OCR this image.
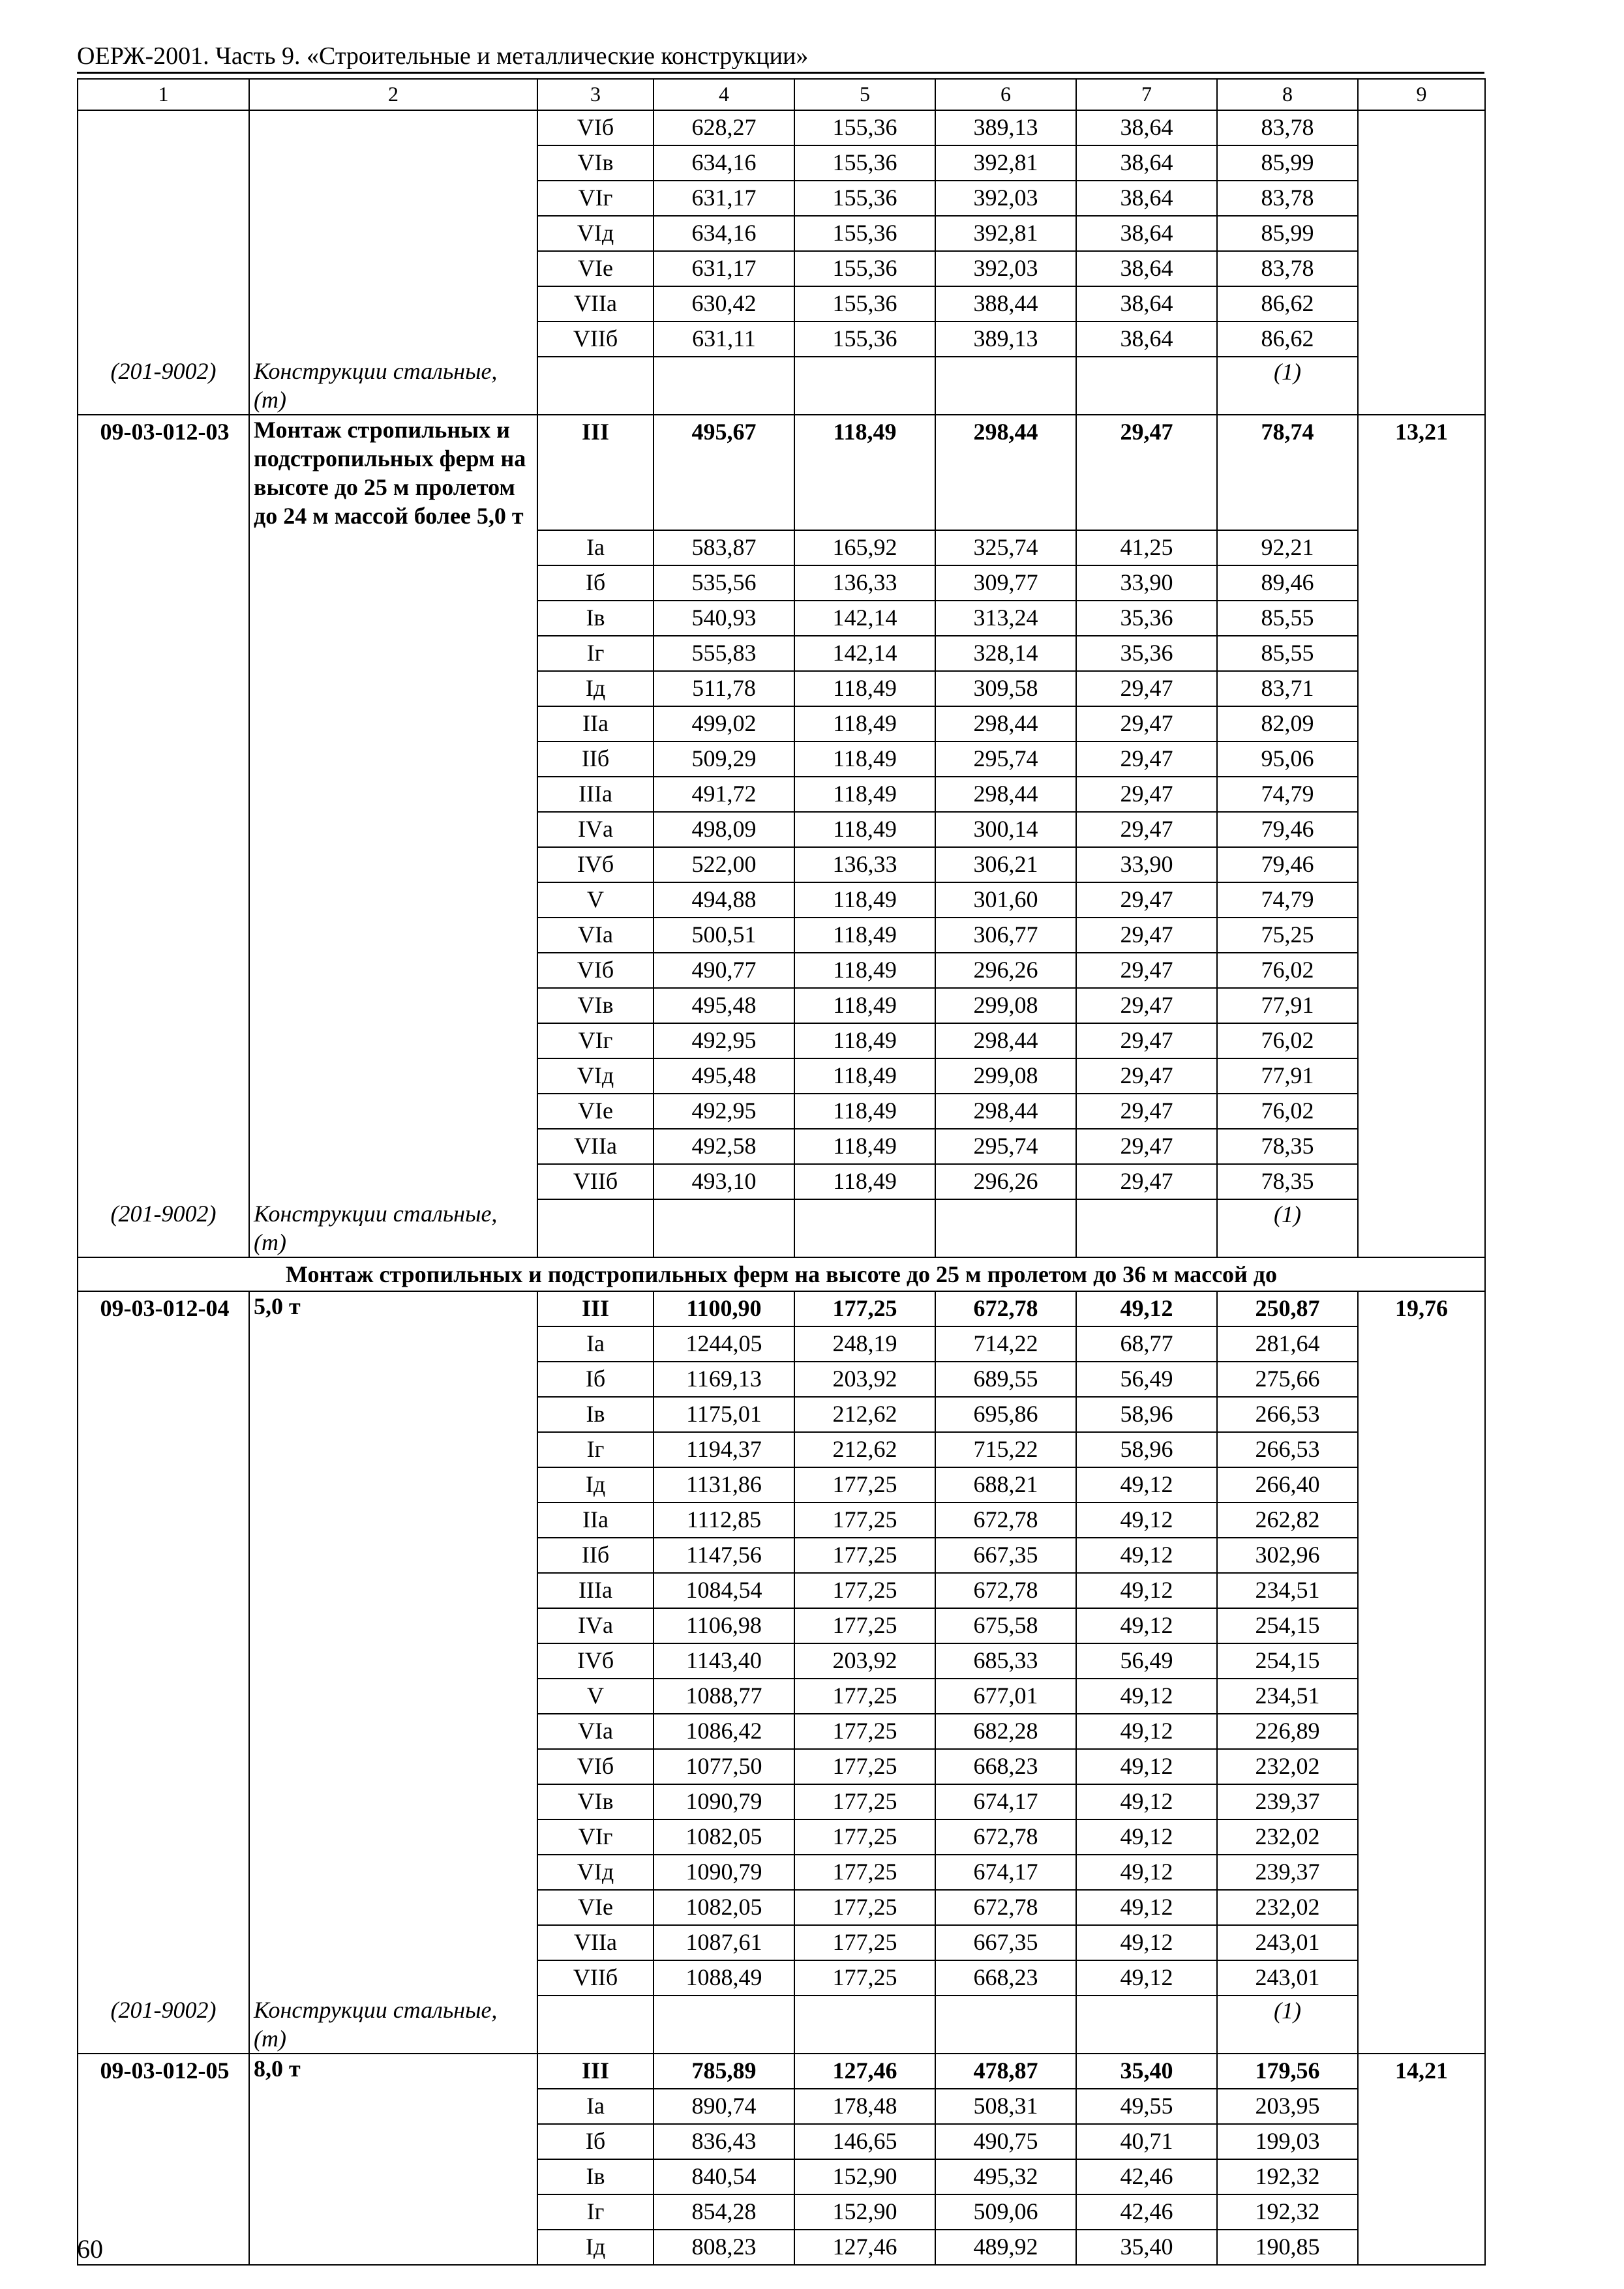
ОЕРЖ-2001. Часть 9. «Строительные и металлические конструкции»
1	2	3	4	5	6	7	8	9
		VIб	628,27	155,36	389,13	38,64	83,78	
		VIв	634,16	155,36	392,81	38,64	85,99	
		VIг	631,17	155,36	392,03	38,64	83,78	
		VIд	634,16	155,36	392,81	38,64	85,99	
		VIе	631,17	155,36	392,03	38,64	83,78	
		VIIа	630,42	155,36	388,44	38,64	86,62	
		VIIб	631,11	155,36	389,13	38,64	86,62	
(201-9002)	Конструкции стальные, (т)						(1)	
09-03-012-03	Монтаж стропильных и подстропильных ферм на высоте до 25 м пролетом до 24 м массой более 5,0 т	III	495,67	118,49	298,44	29,47	78,74	13,21
		Iа	583,87	165,92	325,74	41,25	92,21	
		Iб	535,56	136,33	309,77	33,90	89,46	
		Iв	540,93	142,14	313,24	35,36	85,55	
		Iг	555,83	142,14	328,14	35,36	85,55	
		Iд	511,78	118,49	309,58	29,47	83,71	
		IIа	499,02	118,49	298,44	29,47	82,09	
		IIб	509,29	118,49	295,74	29,47	95,06	
		IIIа	491,72	118,49	298,44	29,47	74,79	
		IVа	498,09	118,49	300,14	29,47	79,46	
		IVб	522,00	136,33	306,21	33,90	79,46	
		V	494,88	118,49	301,60	29,47	74,79	
		VIа	500,51	118,49	306,77	29,47	75,25	
		VIб	490,77	118,49	296,26	29,47	76,02	
		VIв	495,48	118,49	299,08	29,47	77,91	
		VIг	492,95	118,49	298,44	29,47	76,02	
		VIд	495,48	118,49	299,08	29,47	77,91	
		VIе	492,95	118,49	298,44	29,47	76,02	
		VIIа	492,58	118,49	295,74	29,47	78,35	
		VIIб	493,10	118,49	296,26	29,47	78,35	
(201-9002)	Конструкции стальные, (т)						(1)	
Монтаж стропильных и подстропильных ферм на высоте до 25 м пролетом до 36 м массой до								
09-03-012-04	5,0 т	III	1100,90	177,25	672,78	49,12	250,87	19,76
		Iа	1244,05	248,19	714,22	68,77	281,64	
		Iб	1169,13	203,92	689,55	56,49	275,66	
		Iв	1175,01	212,62	695,86	58,96	266,53	
		Iг	1194,37	212,62	715,22	58,96	266,53	
		Iд	1131,86	177,25	688,21	49,12	266,40	
		IIа	1112,85	177,25	672,78	49,12	262,82	
		IIб	1147,56	177,25	667,35	49,12	302,96	
		IIIа	1084,54	177,25	672,78	49,12	234,51	
		IVа	1106,98	177,25	675,58	49,12	254,15	
		IVб	1143,40	203,92	685,33	56,49	254,15	
		V	1088,77	177,25	677,01	49,12	234,51	
		VIа	1086,42	177,25	682,28	49,12	226,89	
		VIб	1077,50	177,25	668,23	49,12	232,02	
		VIв	1090,79	177,25	674,17	49,12	239,37	
		VIг	1082,05	177,25	672,78	49,12	232,02	
		VIд	1090,79	177,25	674,17	49,12	239,37	
		VIе	1082,05	177,25	672,78	49,12	232,02	
		VIIа	1087,61	177,25	667,35	49,12	243,01	
		VIIб	1088,49	177,25	668,23	49,12	243,01	
(201-9002)	Конструкции стальные, (т)						(1)	
09-03-012-05	8,0 т	III	785,89	127,46	478,87	35,40	179,56	14,21
		Iа	890,74	178,48	508,31	49,55	203,95	
		Iб	836,43	146,65	490,75	40,71	199,03	
		Iв	840,54	152,90	495,32	42,46	192,32	
		Iг	854,28	152,90	509,06	42,46	192,32	
		Iд	808,23	127,46	489,92	35,40	190,85	
60
